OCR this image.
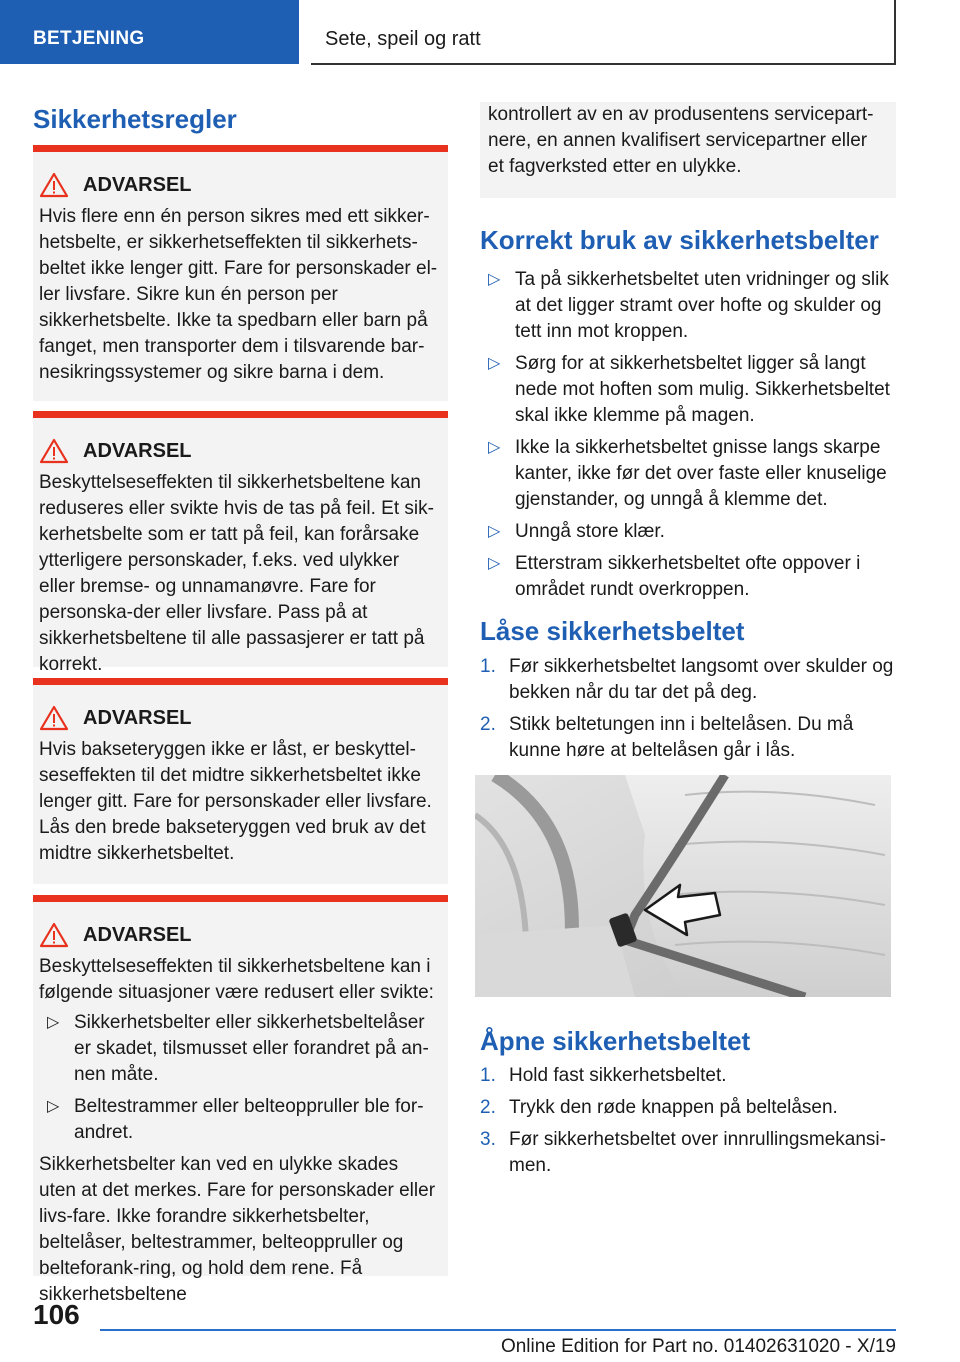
BETJENING	Sete, speil og ratt
Sikkerhetsregler
ADVARSEL

Hvis flere enn én person sikres med ett sikker-hetsbelte, er sikkerhetseffekten til sikkerhets-beltet ikke lenger gitt. Fare for personskader el-ler livsfare. Sikre kun én person per sikkerhetsbelte. Ikke ta spedbarn eller barn på fanget, men transporter dem i tilsvarende bar-nesikringssystemer og sikre barna i dem.

ADVARSEL

Beskyttelseseffekten til sikkerhetsbeltene kan reduseres eller svikte hvis de tas på feil. Et sik-kerhetsbelte som er tatt på feil, kan forårsake ytterligere personskader, f.eks. ved ulykker eller bremse- og unnamanøvre. Fare for personska-der eller livsfare. Pass på at sikkerhetsbeltene til alle passasjerer er tatt på korrekt.

ADVARSEL

Hvis bakseteryggen ikke er låst, er beskyttel-seseffekten til det midtre sikkerhetsbeltet ikke lenger gitt. Fare for personskader eller livsfare. Lås den brede bakseteryggen ved bruk av det midtre sikkerhetsbeltet.

ADVARSEL

Beskyttelseseffekten til sikkerhetsbeltene kan i følgende situasjoner være redusert eller svikte:

▷ Sikkerhetsbelter eller sikkerhetsbeltelåser er skadet, tilsmusset eller forandret på an-nen måte.
▷ Beltestrammer eller belteoppruller ble for-andret.

Sikkerhetsbelter kan ved en ulykke skades uten at det merkes. Fare for personskader eller livs-fare. Ikke forandre sikkerhetsbelter, beltelåser, beltestrammer, belteoppruller og belteforank-ring, og hold dem rene. Få sikkerhetsbeltene

kontrollert av en av produsentens servicepart-nere, en annen kvalifisert servicepartner eller et fagverksted etter en ulykke.

Korrekt bruk av sikkerhetsbelter
▷ Ta på sikkerhetsbeltet uten vridninger og slik at det ligger stramt over hofte og skulder og tett inn mot kroppen.
▷ Sørg for at sikkerhetsbeltet ligger så langt nede mot hoften som mulig. Sikkerhetsbeltet skal ikke klemme på magen.
▷ Ikke la sikkerhetsbeltet gnisse langs skarpe kanter, ikke før det over faste eller knuselige gjenstander, og unngå å klemme det.
▷ Unngå store klær.
▷ Etterstram sikkerhetsbeltet ofte oppover i området rundt overkroppen.
Låse sikkerhetsbeltet
1. Før sikkerhetsbeltet langsomt over skulder og bekken når du tar det på deg.
2. Stikk beltetungen inn i beltelåsen. Du må kunne høre at beltelåsen går i lås.
Åpne sikkerhetsbeltet
1. Hold fast sikkerhetsbeltet.
2. Trykk den røde knappen på beltelåsen.
3. Før sikkerhetsbeltet over innrullingsmekansi-men.
106
Online Edition for Part no. 01402631020 - X/19
